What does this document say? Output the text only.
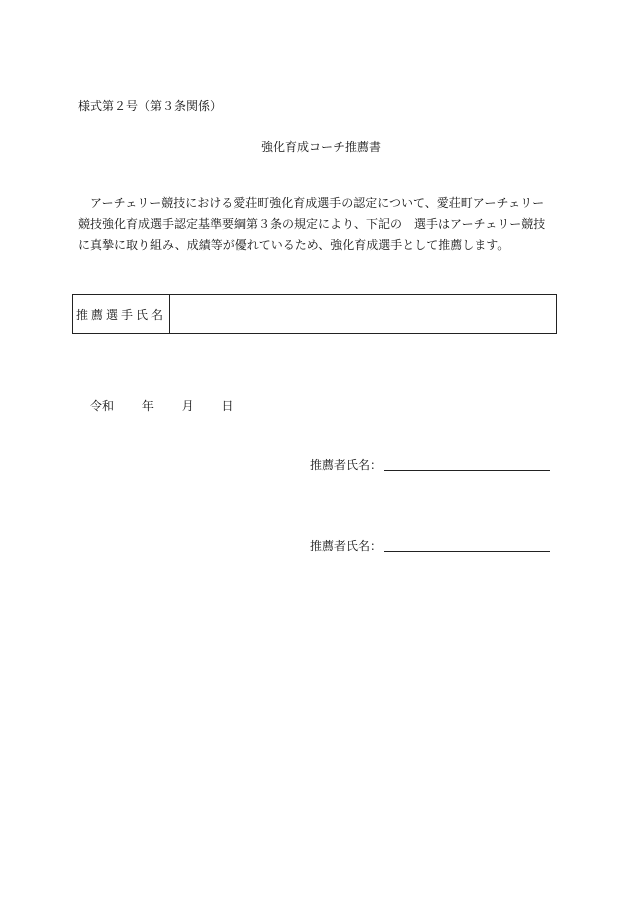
様式第２号（第３条関係）
強化育成コーチ推薦書
アーチェリー競技における愛荘町強化育成選手の認定について、愛荘町アーチェリー
競技強化育成選手認定基準要綱第３条の規定により、下記の　選手はアーチェリー競技
に真摯に取り組み、成績等が優れているため、強化育成選手として推薦します。
推薦選手氏名
令和 年 月 日
推薦者氏名：
推薦者氏名：
